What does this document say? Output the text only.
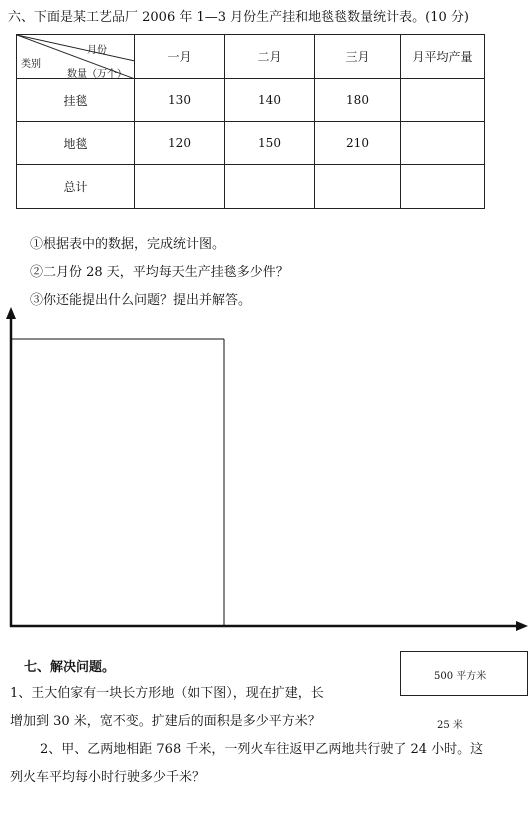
六、下面是某工艺品厂 2006 年 1—3 月份生产挂和地毯毯数量统计表。(10 分)
月份
类别
数量（万个）	一月	二月	三月	月平均产量
挂毯	130	140	180	
地毯	120	150	210	
总计				
①根据表中的数据，完成统计图。
②二月份 28 天，平均每天生产挂毯多少件？
③你还能提出什么问题？提出并解答。
七、解决问题。
1、王大伯家有一块长方形地（如下图），现在扩建，长
增加到 30 米，宽不变。扩建后的面积是多少平方米？
500 平方米
25 米
2、甲、乙两地相距 768 千米，一列火车往返甲乙两地共行驶了 24 小时。这
列火车平均每小时行驶多少千米？
